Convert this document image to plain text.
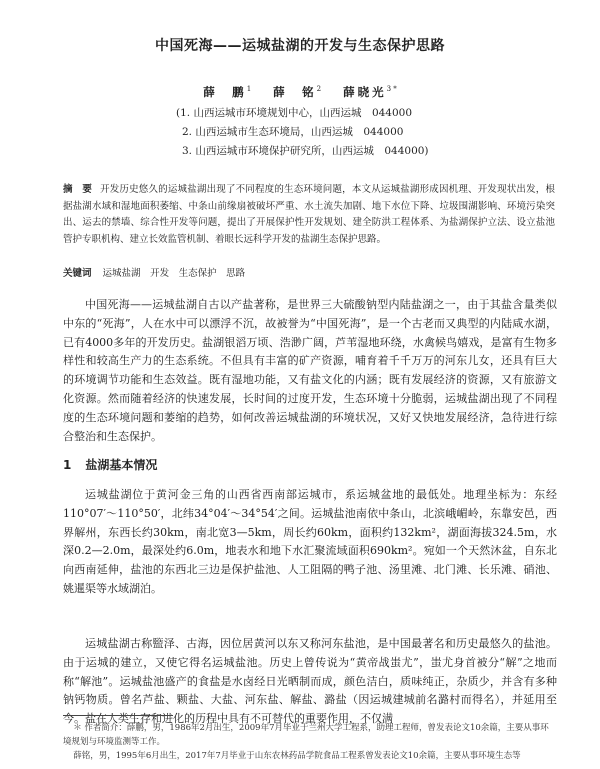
中国死海——运城盐湖的开发与生态保护思路
薛　鹏$^1$ 薛　铭$^2$ 薛晓光$^{3 *}$
(1. 山西运城市环境规划中心，山西运城　044000
2. 山西运城市生态环境局，山西运城　044000
3. 山西运城市环境保护研究所，山西运城　044000)

摘　要 开发历史悠久的运城盐湖出现了不同程度的生态环境问题，本文从运城盐湖形成因机理、开发现状出发，根据盐湖水域和湿地面积萎缩、中条山前缘扇被破坏严重、水土流失加剧、地下水位下降、垃圾围湖影响、环境污染突出、运去的禁墙、综合性开发等问题，提出了开展保护性开发规划、建全防洪工程体系、为盐湖保护立法、设立盐池管护专职机构、建立长效监管机制、着眼长远科学开发的盐湖生态保护思路。

关键词 运城盐湖　 开发　 生态保护　 思路

中国死海——运城盐湖自古以产盐著称，是世界三大硫酸钠型内陆盐湖之一，由于其盐含量类似中东的“死海”，人在水中可以漂浮不沉，故被誉为“中国死海”，是一个古老而又典型的内陆咸水湖，已有4000多年的开发历史。盐湖银滔万顷、浩渺广阔，芦苇湿地环绕，水禽候鸟嬉戏，是富有生物多样性和较高生产力的生态系统。不但具有丰富的矿产资源，哺育着千千万万的河东儿女，还具有巨大的环境调节功能和生态效益。既有湿地功能，又有盐文化的内涵；既有发展经济的资源，又有旅游文化资源。然而随着经济的快速发展，长时间的过度开发，生态环境十分脆弱，运城盐湖出现了不同程度的生态环境问题和萎缩的趋势，如何改善运城盐湖的环境状况，又好又快地发展经济，急待进行综合整治和生态保护。

1 盐湖基本情况

运城盐湖位于黄河金三角的山西省西南部运城市，系运城盆地的最低处。地理坐标为：东经110°07′～110°50′，北纬34°04′～34°54′之间。运城盐池南依中条山，北滨峨嵋岭，东靠安邑，西界解州，东西长约30km，南北宽3—5km，周长约60km，面积约132km²，湖面海拔324.5m，水深0.2—2.0m，最深处约6.0m，地表水和地下水汇聚流域面积690km²。宛如一个天然沐盆，自东北向西南延伸，盐池的东西北三边是保护盐池、人工阻隔的鸭子池、汤里滩、北门滩、长乐滩、硝池、姚暹渠等水域湖泊。

运城盐湖古称盬泽、古海，因位居黄河以东又称河东盐池，是中国最著名和历史最悠久的盐池。由于运城的建立，又使它得名运城盐池。历史上曾传说为“黄帝战蚩尤”，蚩尤身首被分“解”之地而称“解池”。运城盐池盛产的食盐是水卤经日光晒制而成，颜色洁白，质味纯正，杂质少，并含有多种钠钙物质。曾名芦盐、颗盐、大盐、河东盐、解盐、潞盐（因运城建城前名潞村而得名），并延用至今。盐在人类生存和进化的历程中具有不可替代的重要作用，不仅满

＊ 作者简介：薛鹏，男，1986年2月出生，2009年7月毕业于兰州大学工程系，助理工程师，曾发表论文10余篇，主要从事环境规划与环境监测等工作。

薛铭，男，1995年6月出生，2017年7月毕业于山东农林药品学院食品工程系曾发表论文10余篇，主要从事环境生态等
